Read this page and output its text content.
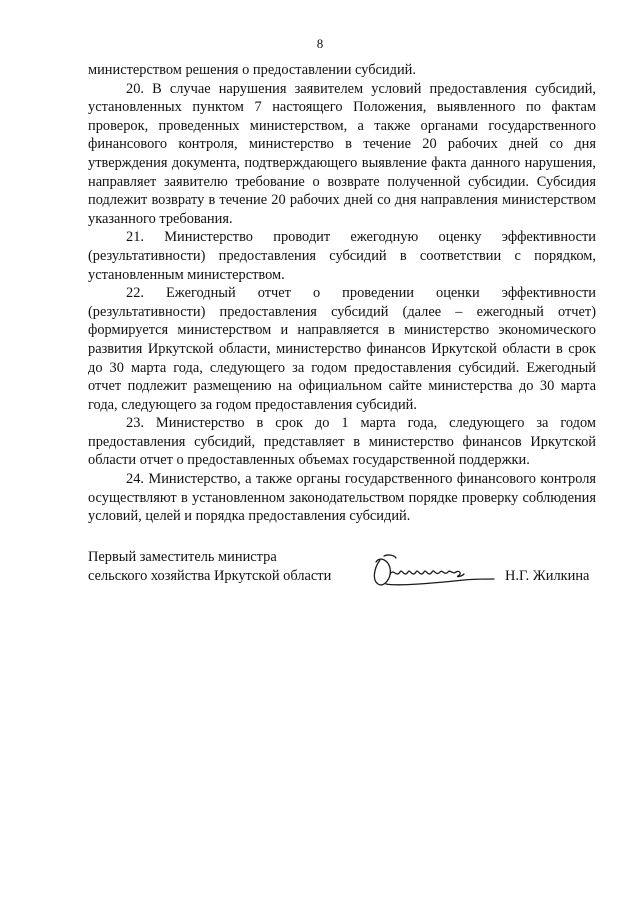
8

министерством решения о предоставлении субсидий.

20. В случае нарушения заявителем условий предоставления субсидий, установленных пунктом 7 настоящего Положения, выявленного по фактам проверок, проведенных министерством, а также органами государственного финансового контроля, министерство в течение 20 рабочих дней со дня утверждения документа, подтверждающего выявление факта данного нарушения, направляет заявителю требование о возврате полученной субсидии. Субсидия подлежит возврату в течение 20 рабочих дней со дня направления министерством указанного требования.

21. Министерство проводит ежегодную оценку эффективности (результативности) предоставления субсидий в соответствии с порядком, установленным министерством.

22. Ежегодный отчет о проведении оценки эффективности (результативности) предоставления субсидий (далее – ежегодный отчет) формируется министерством и направляется в министерство экономического развития Иркутской области, министерство финансов Иркутской области в срок до 30 марта года, следующего за годом предоставления субсидий. Ежегодный отчет подлежит размещению на официальном сайте министерства до 30 марта года, следующего за годом предоставления субсидий.

23. Министерство в срок до 1 марта года, следующего за годом предоставления субсидий, представляет в министерство финансов Иркутской области отчет о предоставленных объемах государственной поддержки.

24. Министерство, а также органы государственного финансового контроля осуществляют в установленном законодательством порядке проверку соблюдения условий, целей и порядка предоставления субсидий.

Первый заместитель министра
сельского хозяйства Иркутской области	Н.Г. Жилкина
